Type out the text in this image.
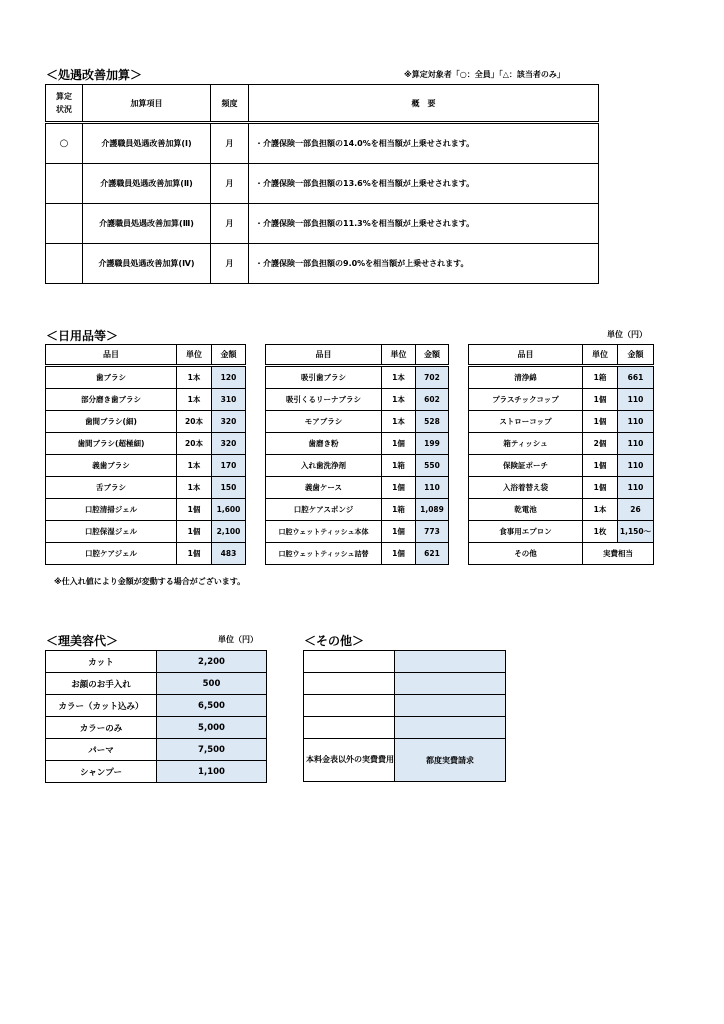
＜処遇改善加算＞	※算定対象者「○：全員」「△：該当者のみ」
算定
状況	加算項目	頻度	概　要
○	介護職員処遇改善加算(Ⅰ)	月	・介護保険一部負担額の14.0%を相当額が上乗せされます。
	介護職員処遇改善加算(Ⅱ)	月	・介護保険一部負担額の13.6%を相当額が上乗せされます。
	介護職員処遇改善加算(Ⅲ)	月	・介護保険一部負担額の11.3%を相当額が上乗せされます。
	介護職員処遇改善加算(Ⅳ)	月	・介護保険一部負担額の9.0%を相当額が上乗せされます。
＜日用品等＞	単位（円）
品目	単位	金額
歯ブラシ	1本	120
部分磨き歯ブラシ	1本	310
歯間ブラシ(細)	20本	320
歯間ブラシ(超極細)	20本	320
義歯ブラシ	1本	170
舌ブラシ	1本	150
口腔清掃ジェル	1個	1,600
口腔保湿ジェル	1個	2,100
口腔ケアジェル	1個	483
品目	単位	金額
吸引歯ブラシ	1本	702
吸引くるリーナブラシ	1本	602
モアブラシ	1本	528
歯磨き粉	1個	199
入れ歯洗浄剤	1箱	550
義歯ケース	1個	110
口腔ケアスポンジ	1箱	1,089
口腔ウェットティッシュ本体	1個	773
口腔ウェットティッシュ詰替	1個	621
品目	単位	金額
清浄綿	1箱	661
プラスチックコップ	1個	110
ストローコップ	1個	110
箱ティッシュ	2個	110
保険証ポーチ	1個	110
入浴着替え袋	1個	110
乾電池	1本	26
食事用エプロン	1枚	1,150～
その他	実費相当	
※仕入れ値により金額が変動する場合がございます。
＜理美容代＞	単位（円）
カット	2,200
お顔のお手入れ	500
カラー（カット込み）	6,500
カラーのみ	5,000
パーマ	7,500
シャンプー	1,100
＜その他＞

本料金表以外の実費費用	都度実費請求
